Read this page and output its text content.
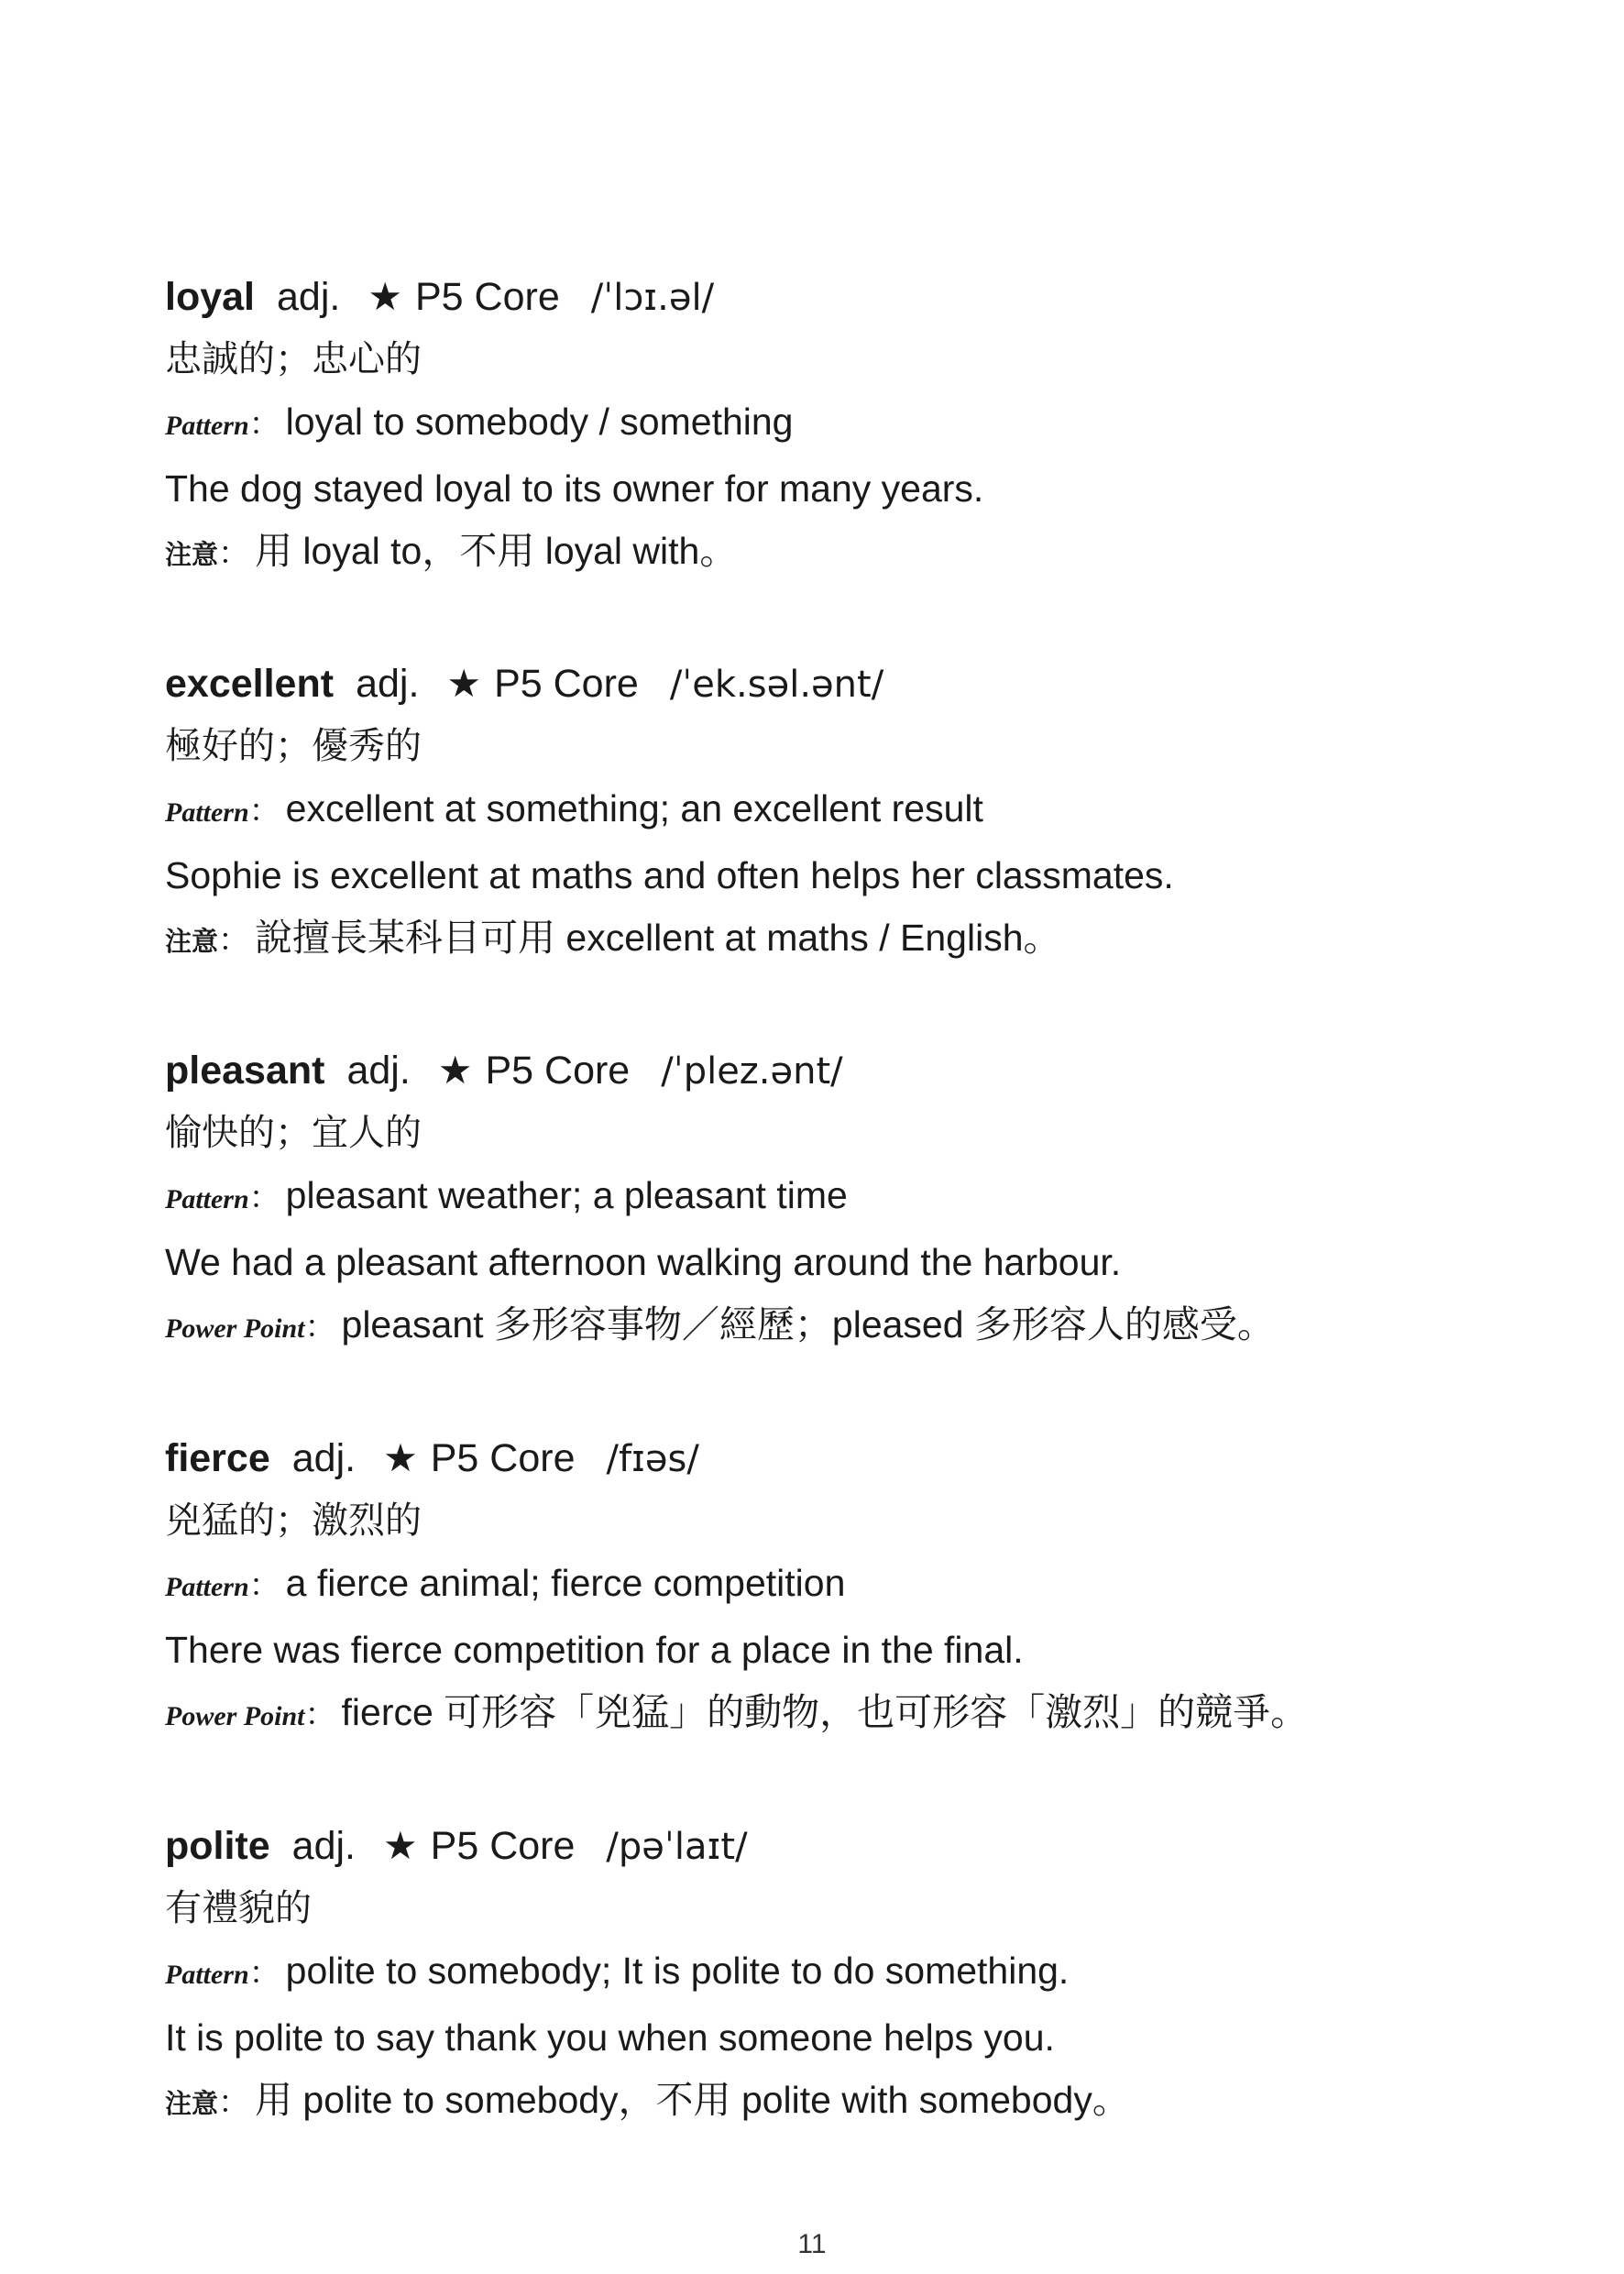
loyal adj. ★ P5 Core /ˈlɔɪ.əl/
忠誠的；忠心的
Pattern： loyal to somebody / something
The dog stayed loyal to its owner for many years.
注意： 用 loyal to，不用 loyal with。
excellent adj. ★ P5 Core /ˈek.səl.ənt/
極好的；優秀的
Pattern： excellent at something; an excellent result
Sophie is excellent at maths and often helps her classmates.
注意： 說擅長某科目可用 excellent at maths / English。
pleasant adj. ★ P5 Core /ˈplez.ənt/
愉快的；宜人的
Pattern： pleasant weather; a pleasant time
We had a pleasant afternoon walking around the harbour.
Power Point： pleasant 多形容事物／經歷；pleased 多形容人的感受。
fierce adj. ★ P5 Core /fɪəs/
兇猛的；激烈的
Pattern： a fierce animal; fierce competition
There was fierce competition for a place in the final.
Power Point： fierce 可形容「兇猛」的動物，也可形容「激烈」的競爭。
polite adj. ★ P5 Core /pəˈlaɪt/
有禮貌的
Pattern： polite to somebody; It is polite to do something.
It is polite to say thank you when someone helps you.
注意： 用 polite to somebody，不用 polite with somebody。
11
